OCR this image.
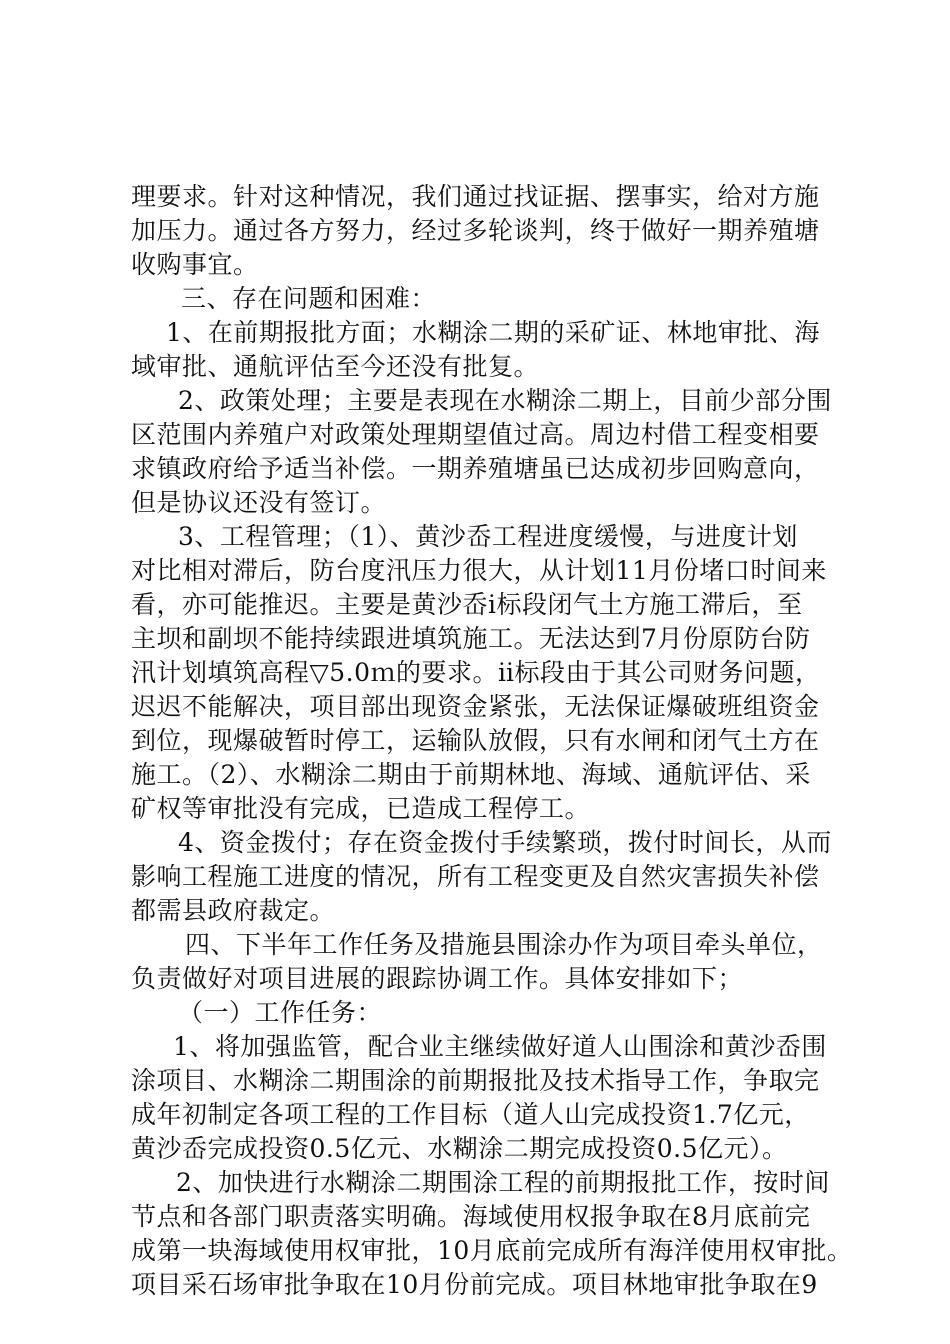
理要求。针对这种情况，我们通过找证据、摆事实，给对方施
加压力。通过各方努力，经过多轮谈判，终于做好一期养殖塘
收购事宜。
三、存在问题和困难：
1、在前期报批方面；水糊涂二期的采矿证、林地审批、海
域审批、通航评估至今还没有批复。
2、政策处理；主要是表现在水糊涂二期上，目前少部分围
区范围内养殖户对政策处理期望值过高。周边村借工程变相要
求镇政府给予适当补偿。一期养殖塘虽已达成初步回购意向，
但是协议还没有签订。
3、工程管理；（1）、黄沙岙工程进度缓慢，与进度计划
对比相对滞后，防台度汛压力很大，从计划11月份堵口时间来
看，亦可能推迟。主要是黄沙岙ⅰ标段闭气土方施工滞后，至
主坝和副坝不能持续跟进填筑施工。无法达到7月份原防台防
汛计划填筑高程▽5.0ｍ的要求。ⅱ标段由于其公司财务问题，
迟迟不能解决，项目部出现资金紧张，无法保证爆破班组资金
到位，现爆破暂时停工，运输队放假，只有水闸和闭气土方在
施工。（2）、水糊涂二期由于前期林地、海域、通航评估、采
矿权等审批没有完成，已造成工程停工。
4、资金拨付；存在资金拨付手续繁琐，拨付时间长，从而
影响工程施工进度的情况，所有工程变更及自然灾害损失补偿
都需县政府裁定。
四、下半年工作任务及措施县围涂办作为项目牵头单位，
负责做好对项目进展的跟踪协调工作。具体安排如下；
（一）工作任务：
1、将加强监管，配合业主继续做好道人山围涂和黄沙岙围
涂项目、水糊涂二期围涂的前期报批及技术指导工作，争取完
成年初制定各项工程的工作目标（道人山完成投资1.7亿元，
黄沙岙完成投资0.5亿元、水糊涂二期完成投资0.5亿元）。
2、加快进行水糊涂二期围涂工程的前期报批工作，按时间
节点和各部门职责落实明确。海域使用权报争取在8月底前完
成第一块海域使用权审批，10月底前完成所有海洋使用权审批。
项目采石场审批争取在10月份前完成。项目林地审批争取在9
